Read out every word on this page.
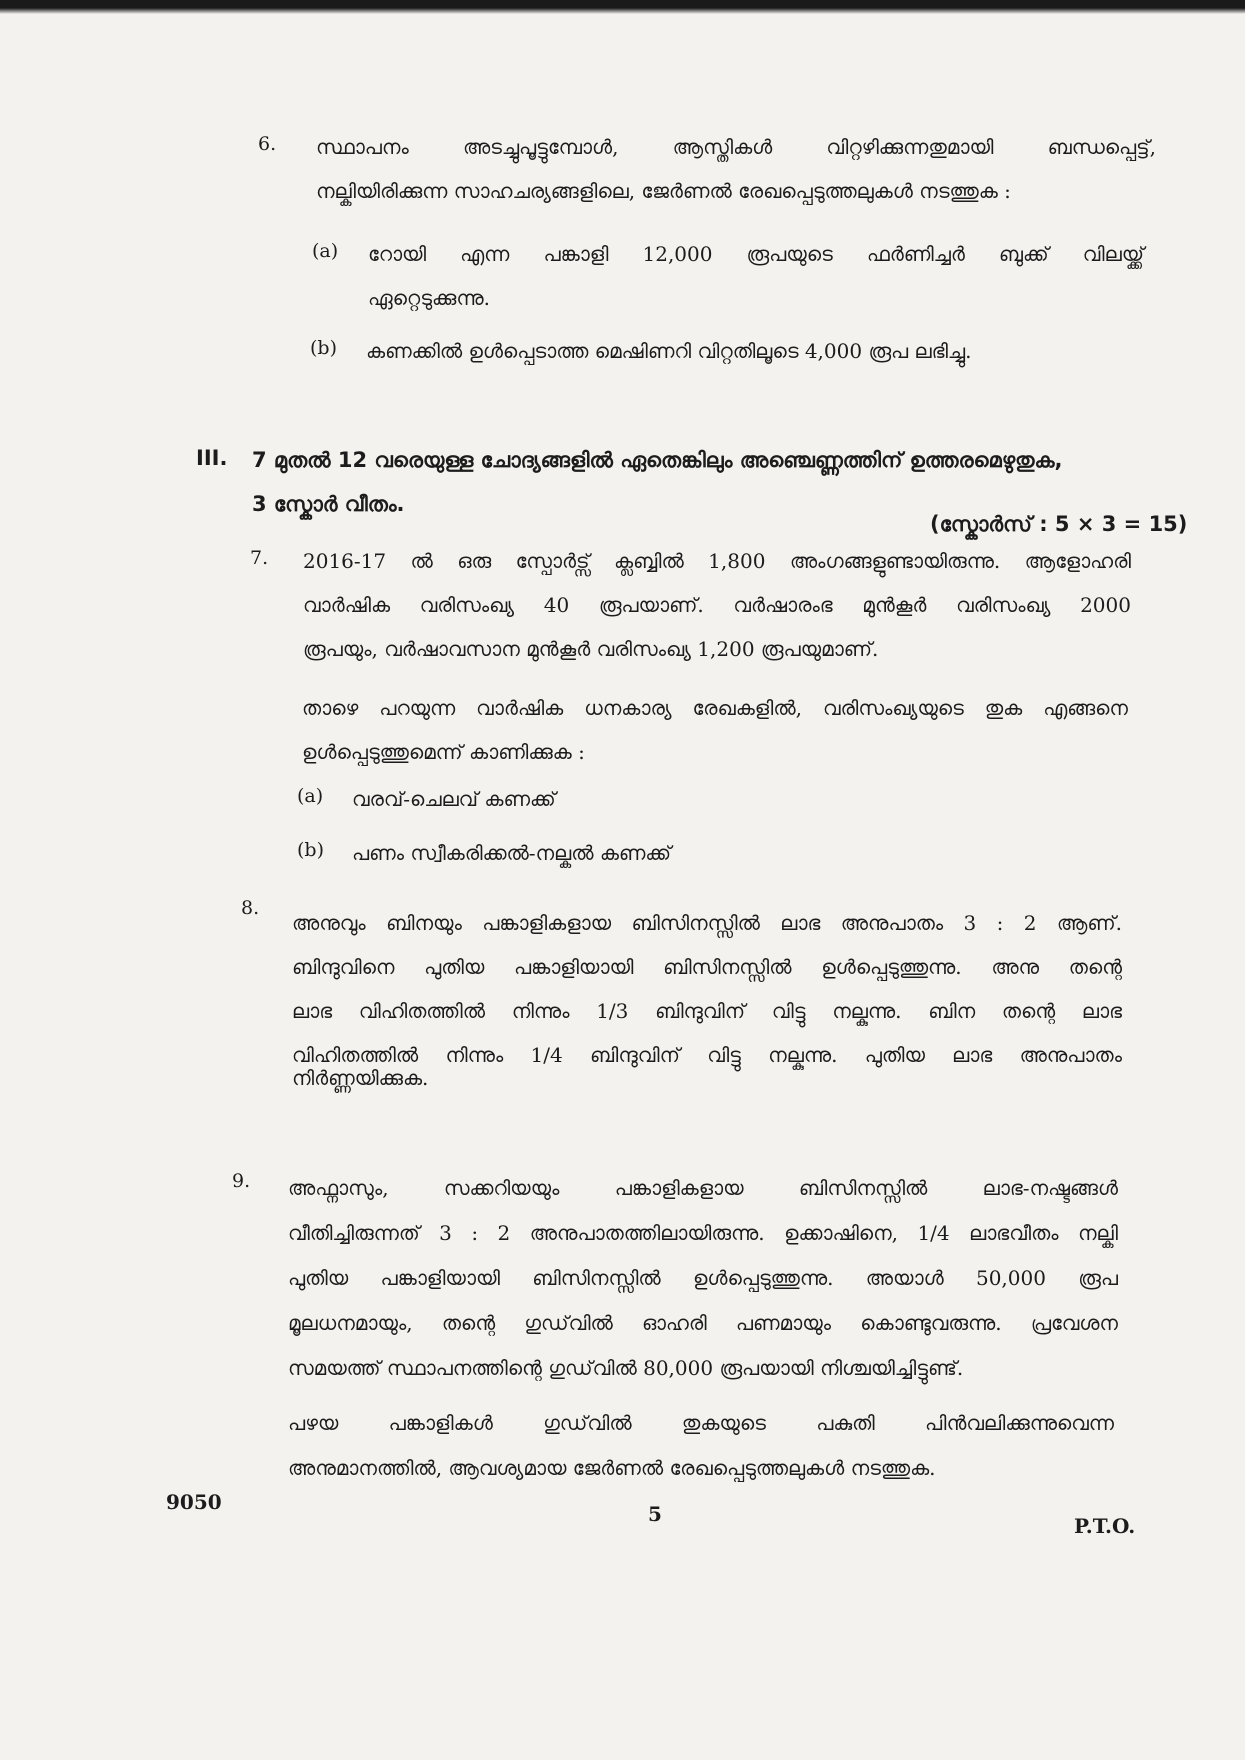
6. സ്ഥാപനം അടച്ചുപൂട്ടുമ്പോൾ, ആസ്തികൾ വിറ്റഴിക്കുന്നതുമായി ബന്ധപ്പെട്ട്,
നല്കിയിരിക്കുന്ന സാഹചര്യങ്ങളിലെ, ജേർണൽ രേഖപ്പെടുത്തലുകൾ നടത്തുക :
(a) റോയി എന്ന പങ്കാളി 12,000 രൂപയുടെ ഫർണിച്ചർ ബുക്ക് വിലയ്ക്ക്
ഏറ്റെടുക്കുന്നു.
(b) കണക്കിൽ ഉൾപ്പെടാത്ത മെഷിണറി വിറ്റതിലൂടെ 4,000 രൂപ ലഭിച്ചു.
III. 7 മുതൽ 12 വരെയുള്ള ചോദ്യങ്ങളിൽ ഏതെങ്കിലും അഞ്ചെണ്ണത്തിന് ഉത്തരമെഴുതുക,
3 സ്കോർ വീതം.
(സ്കോർസ് : 5 × 3 = 15)
7. 2016-17 ൽ ഒരു സ്പോർട്സ് ക്ലബ്ബിൽ 1,800 അംഗങ്ങളുണ്ടായിരുന്നു. ആളോഹരി
വാർഷിക വരിസംഖ്യ 40 രൂപയാണ്. വർഷാരംഭ മുൻകൂർ വരിസംഖ്യ 2000
രൂപയും, വർഷാവസാന മുൻകൂർ വരിസംഖ്യ 1,200 രൂപയുമാണ്.
താഴെ പറയുന്ന വാർഷിക ധനകാര്യ രേഖകളിൽ, വരിസംഖ്യയുടെ തുക എങ്ങനെ
ഉൾപ്പെടുത്തുമെന്ന് കാണിക്കുക :
(a) വരവ്-ചെലവ് കണക്ക്
(b) പണം സ്വീകരിക്കൽ-നല്കൽ കണക്ക്
8.
അനുവും ബിനയും പങ്കാളികളായ ബിസിനസ്സിൽ ലാഭ അനുപാതം 3 : 2 ആണ്.
ബിന്ദുവിനെ പുതിയ പങ്കാളിയായി ബിസിനസ്സിൽ ഉൾപ്പെടുത്തുന്നു. അനു തന്റെ
ലാഭ വിഹിതത്തിൽ നിന്നും 1/3 ബിന്ദുവിന് വിട്ടു നല്കുന്നു. ബിന തന്റെ ലാഭ
വിഹിതത്തിൽ നിന്നും 1/4 ബിന്ദുവിന് വിട്ടു നല്കുന്നു. പുതിയ ലാഭ അനുപാതം
നിർണ്ണയിക്കുക.
9. അഫ്നാസും, സക്കറിയയും പങ്കാളികളായ ബിസിനസ്സിൽ ലാഭ-നഷ്ടങ്ങൾ
വീതിച്ചിരുന്നത് 3 : 2 അനുപാതത്തിലായിരുന്നു. ഉക്കാഷിനെ, 1/4 ലാഭവീതം നല്കി
പുതിയ പങ്കാളിയായി ബിസിനസ്സിൽ ഉൾപ്പെടുത്തുന്നു. അയാൾ 50,000 രൂപ
മൂലധനമായും, തന്റെ ഗുഡ്‌വിൽ ഓഹരി പണമായും കൊണ്ടുവരുന്നു. പ്രവേശന
സമയത്ത് സ്ഥാപനത്തിന്റെ ഗുഡ്‌വിൽ 80,000 രൂപയായി നിശ്ചയിച്ചിട്ടുണ്ട്.
പഴയ പങ്കാളികൾ ഗുഡ്‌വിൽ തുകയുടെ പകുതി പിൻവലിക്കുന്നുവെന്ന
അനുമാനത്തിൽ, ആവശ്യമായ ജേർണൽ രേഖപ്പെടുത്തലുകൾ നടത്തുക.
9050	5	P.T.O.
